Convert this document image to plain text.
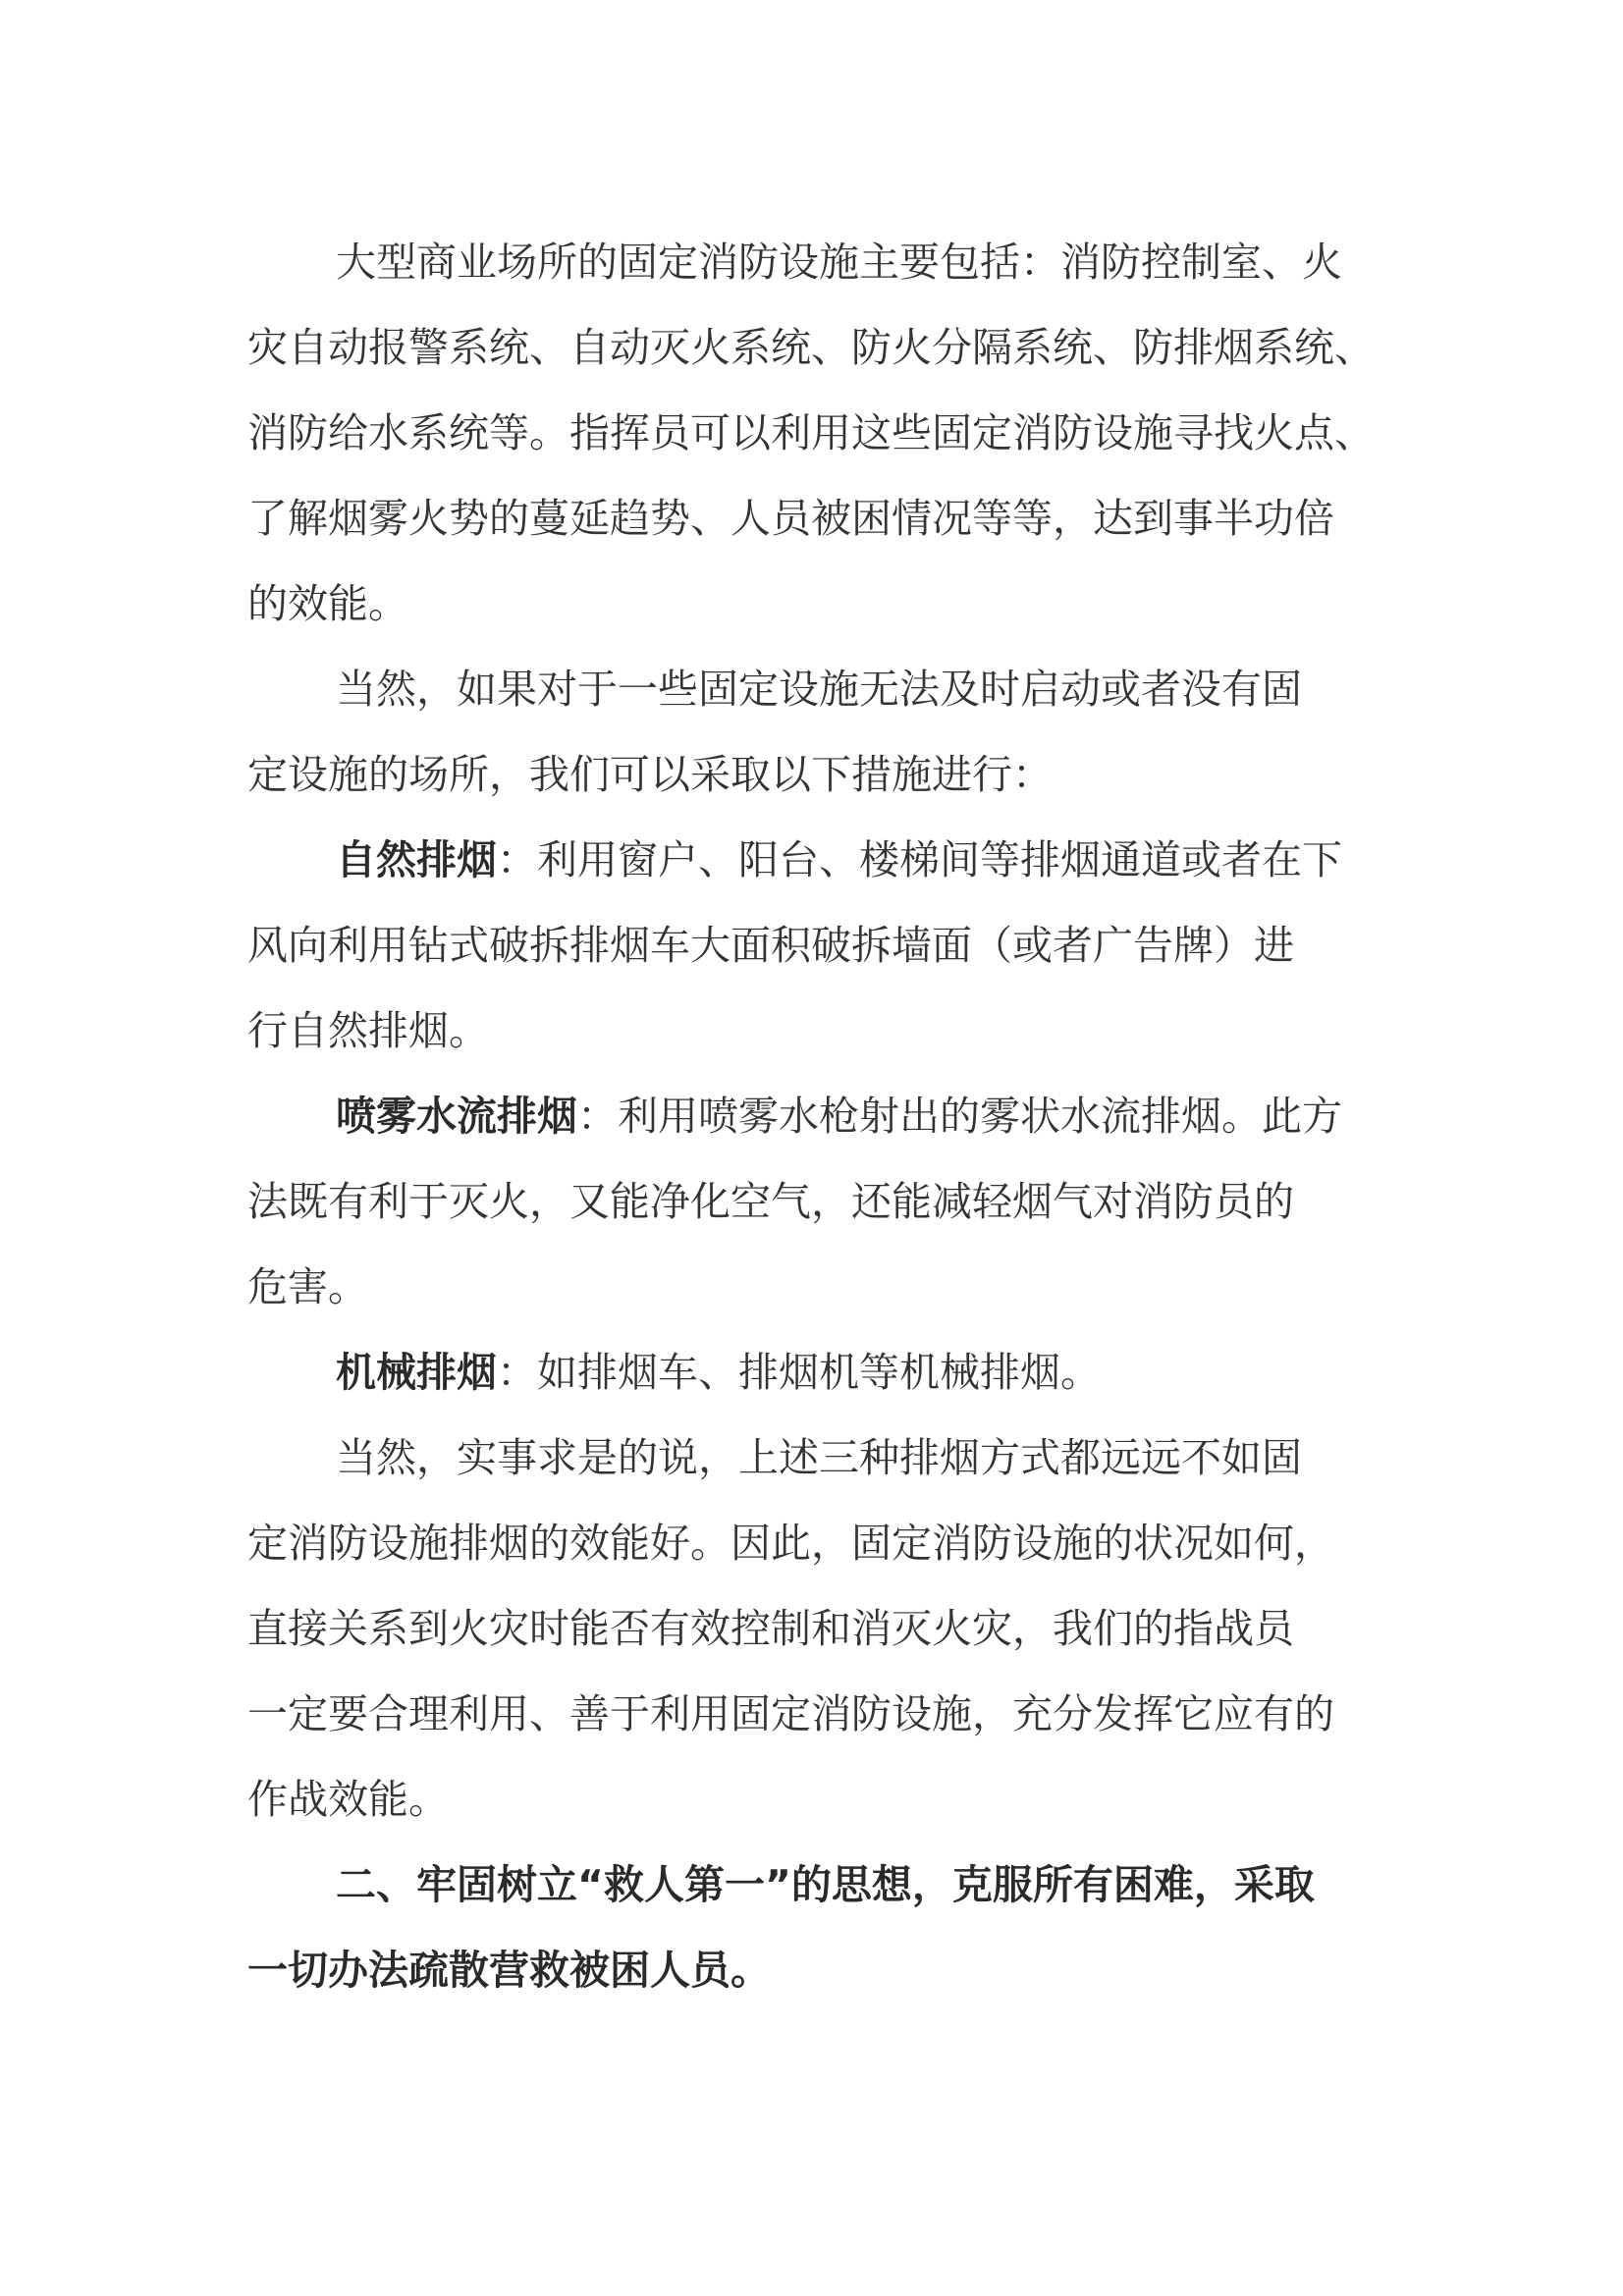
大型商业场所的固定消防设施主要包括：消防控制室、火
灾自动报警系统、自动灭火系统、防火分隔系统、防排烟系统、
消防给水系统等。指挥员可以利用这些固定消防设施寻找火点、
了解烟雾火势的蔓延趋势、人员被困情况等等，达到事半功倍
的效能。
当然，如果对于一些固定设施无法及时启动或者没有固
定设施的场所，我们可以采取以下措施进行：
自然排烟：利用窗户、阳台、楼梯间等排烟通道或者在下
风向利用钻式破拆排烟车大面积破拆墙面（或者广告牌）进
行自然排烟。
喷雾水流排烟：利用喷雾水枪射出的雾状水流排烟。此方
法既有利于灭火，又能净化空气，还能减轻烟气对消防员的
危害。
机械排烟：如排烟车、排烟机等机械排烟。
当然，实事求是的说，上述三种排烟方式都远远不如固
定消防设施排烟的效能好。因此，固定消防设施的状况如何，
直接关系到火灾时能否有效控制和消灭火灾，我们的指战员
一定要合理利用、善于利用固定消防设施，充分发挥它应有的
作战效能。
二、牢固树立“救人第一”的思想，克服所有困难，采取
一切办法疏散营救被困人员。
